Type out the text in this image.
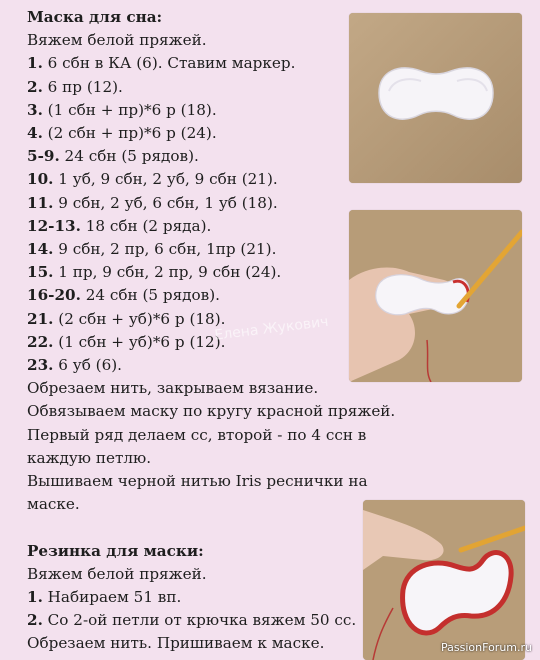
Маска для сна:
Вяжем белой пряжей.
1. 6 сбн в КА (6). Ставим маркер.
2. 6 пр (12).
3. (1 сбн + пр)*6 р (18).
4. (2 сбн + пр)*6 р (24).
5-9. 24 сбн (5 рядов).
10. 1 уб, 9 сбн, 2 уб, 9 сбн (21).
11. 9 сбн, 2 уб, 6 сбн, 1 уб (18).
12-13. 18 сбн (2 ряда).
14. 9 сбн, 2 пр, 6 сбн, 1пр (21).
15. 1 пр, 9 сбн, 2 пр, 9 сбн (24).
16-20. 24 сбн (5 рядов).
21. (2 сбн + уб)*6 р (18).
22. (1 сбн + уб)*6 р (12).
23. 6 уб (6).
Обрезаем нить, закрываем вязание.
Обвязываем маску по кругу красной пряжей.
Первый ряд делаем сс, второй - по 4 ссн в
каждую петлю.
Вышиваем черной нитью Iris реснички на
маске.
Резинка для маски:
Вяжем белой пряжей.
1. Набираем 51 вп.
2. Со 2-ой петли от крючка вяжем 50 сс.
Обрезаем нить. Пришиваем к маске.
Елена Жукович
PassionForum.ru
